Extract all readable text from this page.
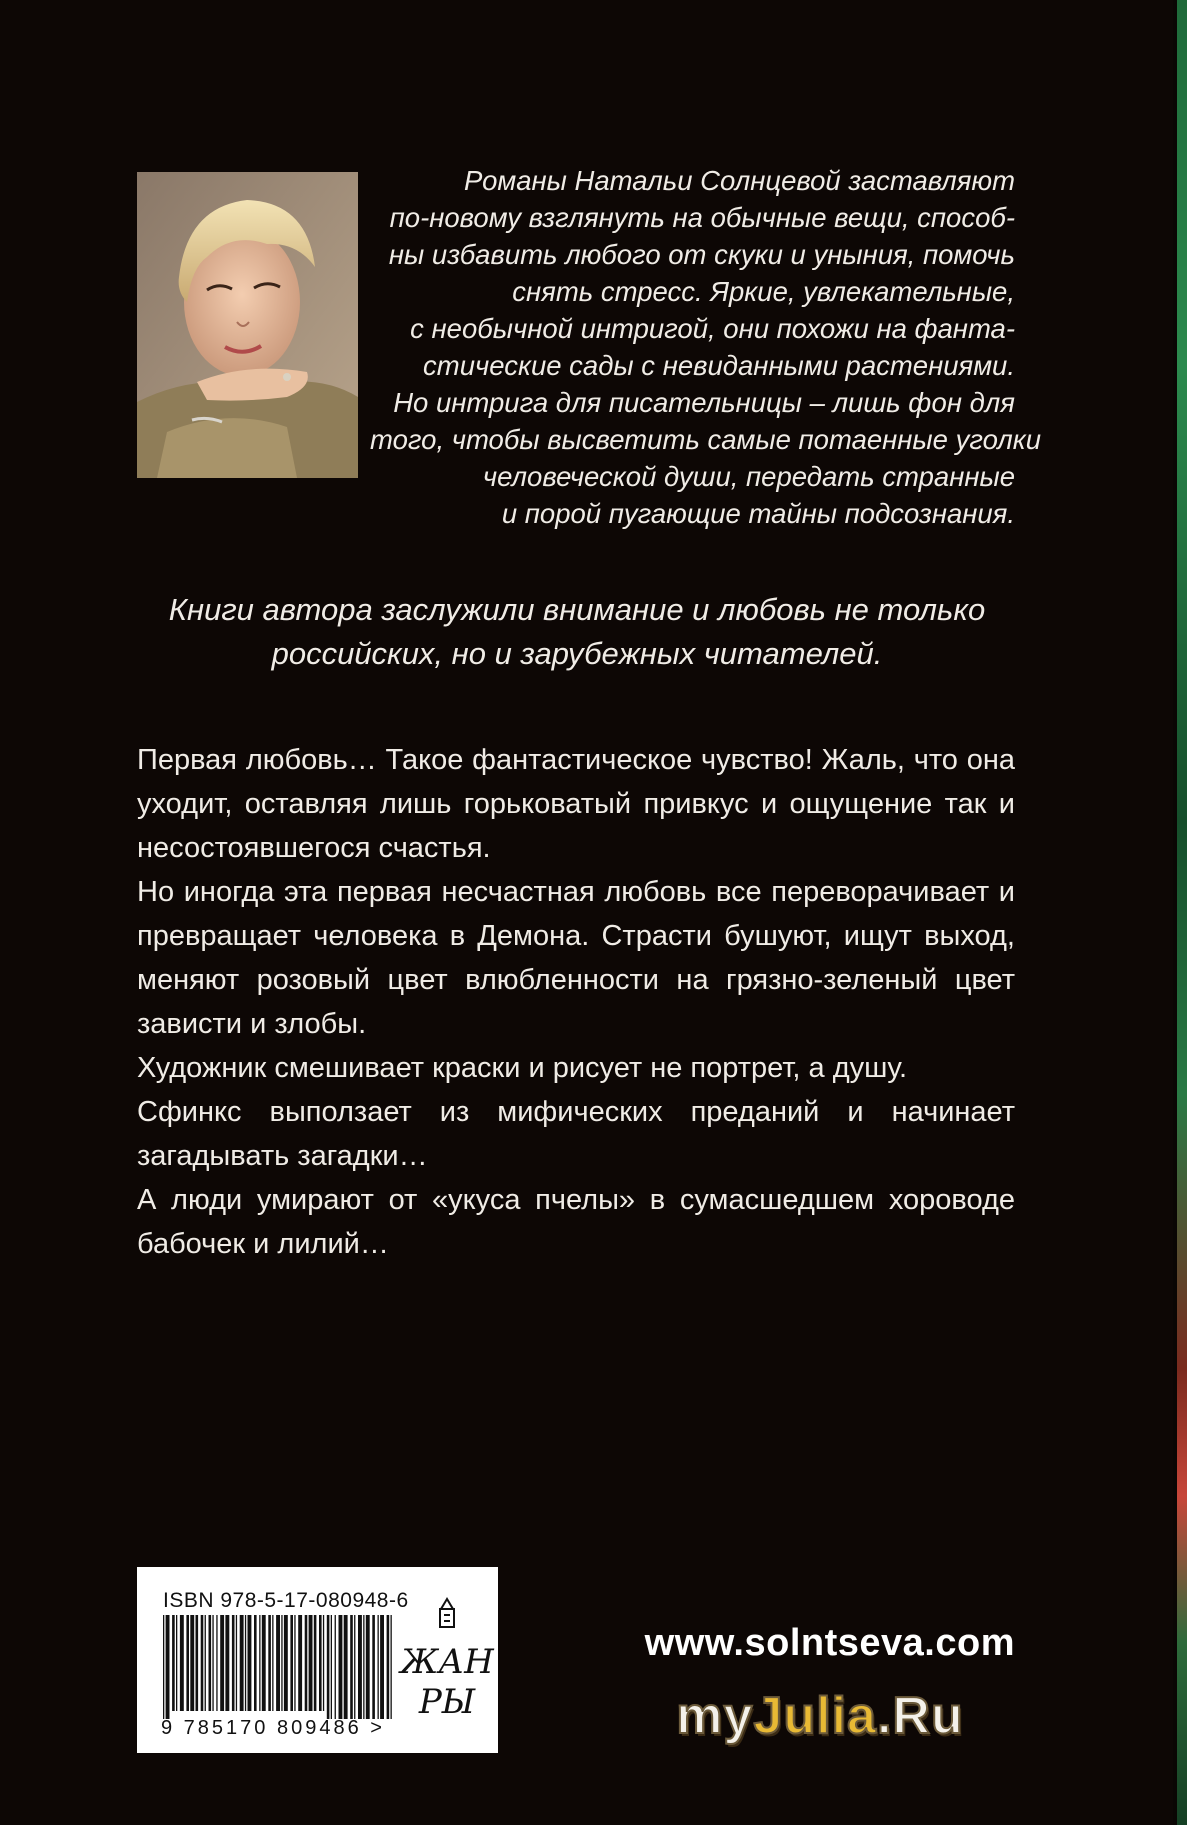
Романы Натальи Солнцевой заставляют
по-новому взглянуть на обычные вещи, способ-
ны избавить любого от скуки и уныния, помочь
снять стресс. Яркие, увлекательные,
с необычной интригой, они похожи на фанта-
стические сады с невиданными растениями.
Но интрига для писательницы – лишь фон для
того, чтобы высветить самые потаенные уголки
человеческой души, передать странные
и порой пугающие тайны подсознания.
Книги автора заслужили внимание и любовь не только
российских, но и зарубежных читателей.

Первая любовь… Такое фантастическое чувство! Жаль, что она уходит, оставляя лишь горьковатый привкус и ощущение так и несостоявшегося счастья.

Но иногда эта первая несчастная любовь все переворачивает и превращает человека в Демона. Страсти бушуют, ищут выход, меняют розовый цвет влюбленности на грязно-зеленый цвет зависти и злобы.

Художник смешивает краски и рисует не портрет, а душу.

Сфинкс выползает из мифических преданий и начинает загадывать загадки…

А люди умирают от «укуса пчелы» в сумасшедшем хороводе бабочек и лилий…

ISBN 978-5-17-080948-6
9 785170 809486 >
ЖАН
РЫ
www.solntseva.com
myJulia.Ru
